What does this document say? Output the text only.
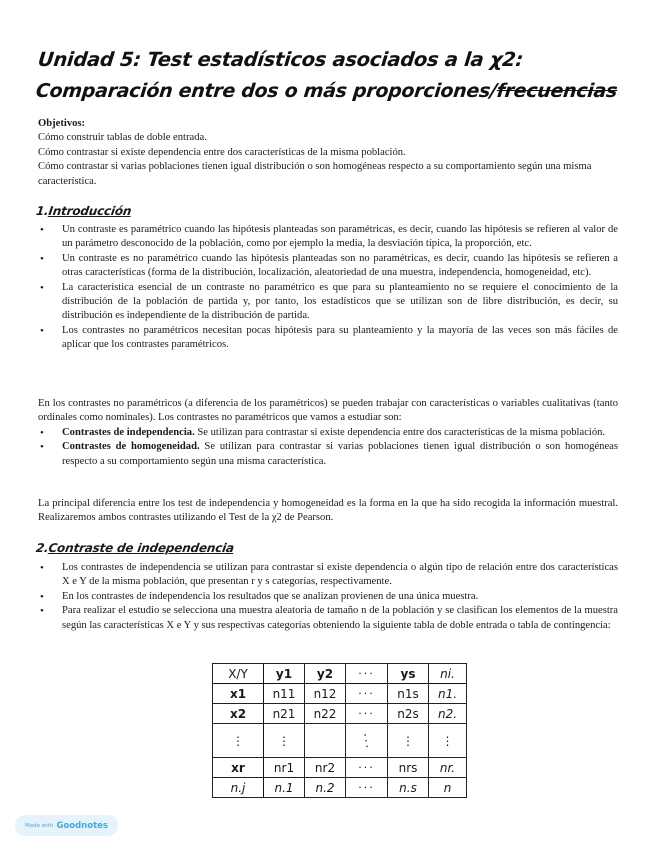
Unidad 5: Test estadísticos asociados a la χ2:
Comparación entre dos o más proporciones/frecuencias
Objetivos:
Cómo construir tablas de doble entrada.
Cómo contrastar si existe dependencia entre dos características de la misma población.
Cómo contrastar si varias poblaciones tienen igual distribución o son homogéneas respecto a su comportamiento según una misma característica.
1.Introducción
• Un contraste es paramétrico cuando las hipótesis planteadas son paramétricas, es decir, cuando las hipótesis se refieren al valor de un parámetro desconocido de la población, como por ejemplo la media, la desviación típica, la proporción, etc.
• Un contraste es no paramétrico cuando las hipótesis planteadas son no paramétricas, es decir, cuando las hipótesis se refieren a otras características (forma de la distribución, localización, aleatoriedad de una muestra, independencia, homogeneidad, etc).
• La característica esencial de un contraste no paramétrico es que para su planteamiento no se requiere el conocimiento de la distribución de la población de partida y, por tanto, los estadísticos que se utilizan son de libre distribución, es decir, su distribución es independiente de la distribución de partida.
• Los contrastes no paramétricos necesitan pocas hipótesis para su planteamiento y la mayoría de las veces son más fáciles de aplicar que los contrastes paramétricos.

En los contrastes no paramétricos (a diferencia de los paramétricos) se pueden trabajar con características o variables cualitativas (tanto ordinales como nominales). Los contrastes no paramétricos que vamos a estudiar son:

• Contrastes de independencia. Se utilizan para contrastar si existe dependencia entre dos características de la misma población.
• Contrastes de homogeneidad. Se utilizan para contrastar si varias poblaciones tienen igual distribución o son homogéneas respecto a su comportamiento según una misma característica.

La principal diferencia entre los test de independencia y homogeneidad es la forma en la que ha sido recogida la información muestral. Realizaremos ambos contrastes utilizando el Test de la χ2 de Pearson.

2.Contraste de independencia
• Los contrastes de independencia se utilizan para contrastar si existe dependencia o algún tipo de relación entre dos características X e Y de la misma población, que presentan r y s categorías, respectivamente.
• En los contrastes de independencia los resultados que se analizan provienen de una única muestra.
• Para realizar el estudio se selecciona una muestra aleatoria de tamaño n de la población y se clasifican los elementos de la muestra según las características X e Y y sus respectivas categorías obteniendo la siguiente tabla de doble entrada o tabla de contingencia:
X/Y	y1	y2	···	ys	ni.
x1	n11	n12	···	n1s	n1.
x2	n21	n22	···	n2s	n2.
⋮	⋮		⋱	⋮	⋮
xr	nr1	nr2	···	nrs	nr.
n.j	n.1	n.2	···	n.s	n
Made with Goodnotes
